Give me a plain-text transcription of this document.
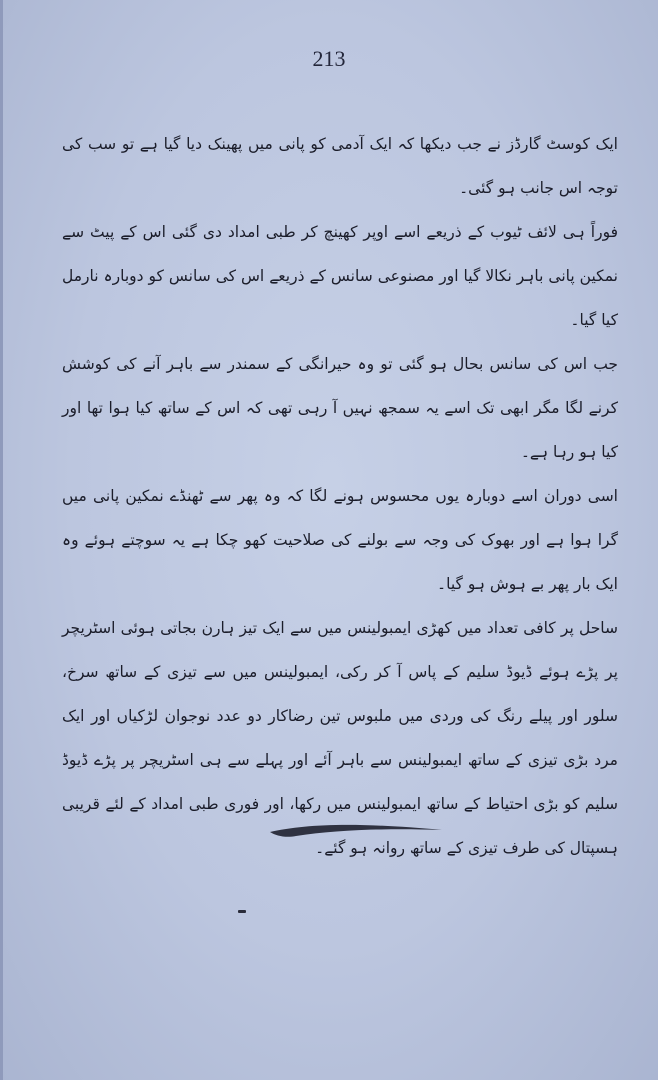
213

ایک کوسٹ گارڈز نے جب دیکھا کہ ایک آدمی کو پانی میں پھینک دیا گیا ہے تو سب کی توجہ اس جانب ہو گئی۔

فوراً ہی لائف ٹیوب کے ذریعے اسے اوپر کھینچ کر طبی امداد دی گئی اس کے پیٹ سے نمکین پانی باہر نکالا گیا اور مصنوعی سانس کے ذریعے اس کی سانس کو دوبارہ نارمل کیا گیا۔

جب اس کی سانس بحال ہو گئی تو وہ حیرانگی کے سمندر سے باہر آنے کی کوشش کرنے لگا مگر ابھی تک اسے یہ سمجھ نہیں آ رہی تھی کہ اس کے ساتھ کیا ہوا تھا اور کیا ہو رہا ہے۔

اسی دوران اسے دوبارہ یوں محسوس ہونے لگا کہ وہ پھر سے ٹھنڈے نمکین پانی میں گرا ہوا ہے اور بھوک کی وجہ سے بولنے کی صلاحیت کھو چکا ہے یہ سوچتے ہوئے وہ ایک بار پھر بے ہوش ہو گیا۔

ساحل پر کافی تعداد میں کھڑی ایمبولینس میں سے ایک تیز ہارن بجاتی ہوئی اسٹریچر پر پڑے ہوئے ڈیوڈ سلیم کے پاس آ کر رکی، ایمبولینس میں سے تیزی کے ساتھ سرخ، سلور اور پیلے رنگ کی وردی میں ملبوس تین رضاکار دو عدد نوجوان لڑکیاں اور ایک مرد بڑی تیزی کے ساتھ ایمبولینس سے باہر آئے اور پہلے سے ہی اسٹریچر پر پڑے ڈیوڈ سلیم کو بڑی احتیاط کے ساتھ ایمبولینس میں رکھا، اور فوری طبی امداد کے لئے قریبی ہسپتال کی طرف تیزی کے ساتھ روانہ ہو گئے۔
